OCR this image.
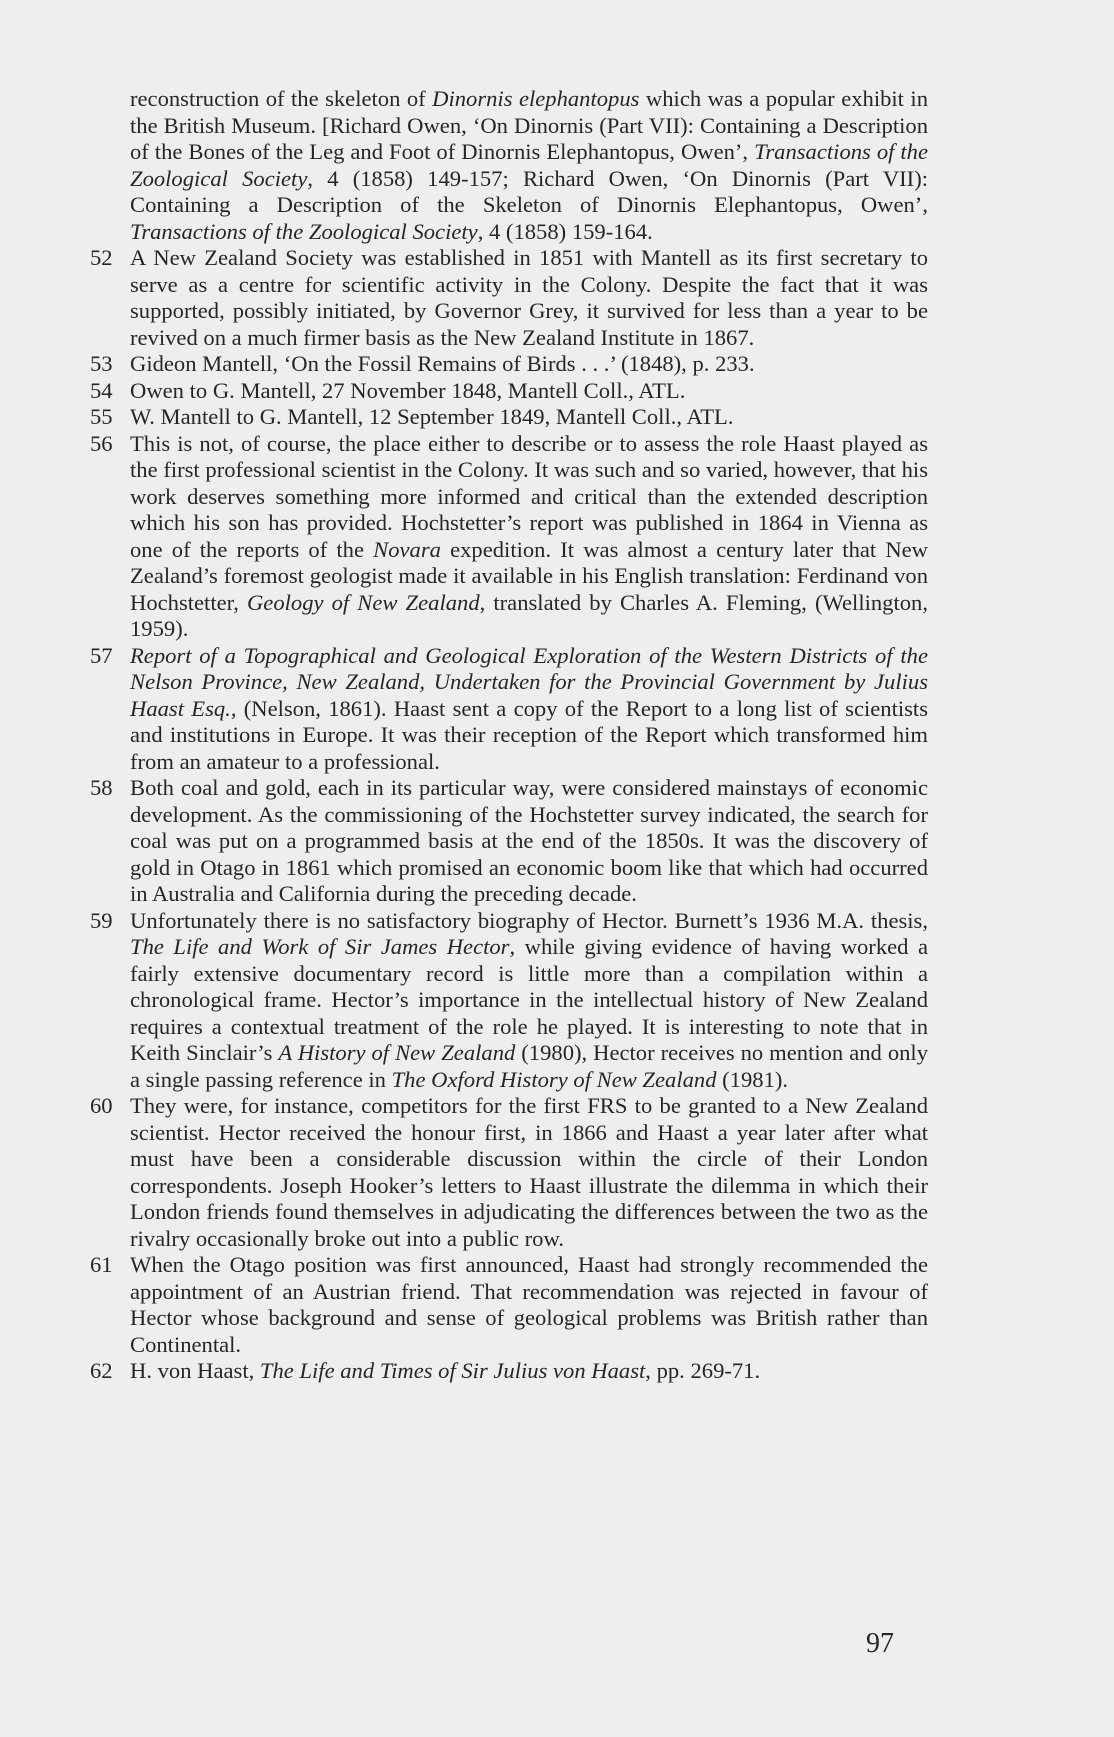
reconstruction of the skeleton of Dinornis elephantopus which was a popular exhibit in the British Museum. [Richard Owen, ‘On Dinornis (Part VII): Containing a Description of the Bones of the Leg and Foot of Dinornis Elephantopus, Owen’, Transactions of the Zoological Society, 4 (1858) 149-157; Richard Owen, ‘On Dinornis (Part VII): Containing a Description of the Skeleton of Dinornis Elephantopus, Owen’, Transactions of the Zoological Society, 4 (1858) 159-164.
52 A New Zealand Society was established in 1851 with Mantell as its first secretary to serve as a centre for scientific activity in the Colony. Despite the fact that it was supported, possibly initiated, by Governor Grey, it survived for less than a year to be revived on a much firmer basis as the New Zealand Institute in 1867.
53 Gideon Mantell, ‘On the Fossil Remains of Birds . . .’ (1848), p. 233.
54 Owen to G. Mantell, 27 November 1848, Mantell Coll., ATL.
55 W. Mantell to G. Mantell, 12 September 1849, Mantell Coll., ATL.
56 This is not, of course, the place either to describe or to assess the role Haast played as the first professional scientist in the Colony. It was such and so varied, however, that his work deserves something more informed and critical than the extended description which his son has provided. Hochstetter’s report was published in 1864 in Vienna as one of the reports of the Novara expedition. It was almost a century later that New Zealand’s foremost geologist made it available in his English translation: Ferdinand von Hochstetter, Geology of New Zealand, translated by Charles A. Fleming, (Wellington, 1959).
57 Report of a Topographical and Geological Exploration of the Western Districts of the Nelson Province, New Zealand, Undertaken for the Provincial Government by Julius Haast Esq., (Nelson, 1861). Haast sent a copy of the Report to a long list of scientists and institutions in Europe. It was their reception of the Report which transformed him from an amateur to a professional.
58 Both coal and gold, each in its particular way, were considered mainstays of economic development. As the commissioning of the Hochstetter survey indicated, the search for coal was put on a programmed basis at the end of the 1850s. It was the discovery of gold in Otago in 1861 which promised an economic boom like that which had occurred in Australia and California during the preceding decade.
59 Unfortunately there is no satisfactory biography of Hector. Burnett’s 1936 M.A. thesis, The Life and Work of Sir James Hector, while giving evidence of having worked a fairly extensive documentary record is little more than a compilation within a chronological frame. Hector’s importance in the intellectual history of New Zealand requires a contextual treatment of the role he played. It is interesting to note that in Keith Sinclair’s A History of New Zealand (1980), Hector receives no mention and only a single passing reference in The Oxford History of New Zealand (1981).
60 They were, for instance, competitors for the first FRS to be granted to a New Zealand scientist. Hector received the honour first, in 1866 and Haast a year later after what must have been a considerable discussion within the circle of their London correspondents. Joseph Hooker’s letters to Haast illustrate the dilemma in which their London friends found themselves in adjudicating the differences between the two as the rivalry occasionally broke out into a public row.
61 When the Otago position was first announced, Haast had strongly recommended the appointment of an Austrian friend. That recommendation was rejected in favour of Hector whose background and sense of geological problems was British rather than Continental.
62 H. von Haast, The Life and Times of Sir Julius von Haast, pp. 269-71.
97
